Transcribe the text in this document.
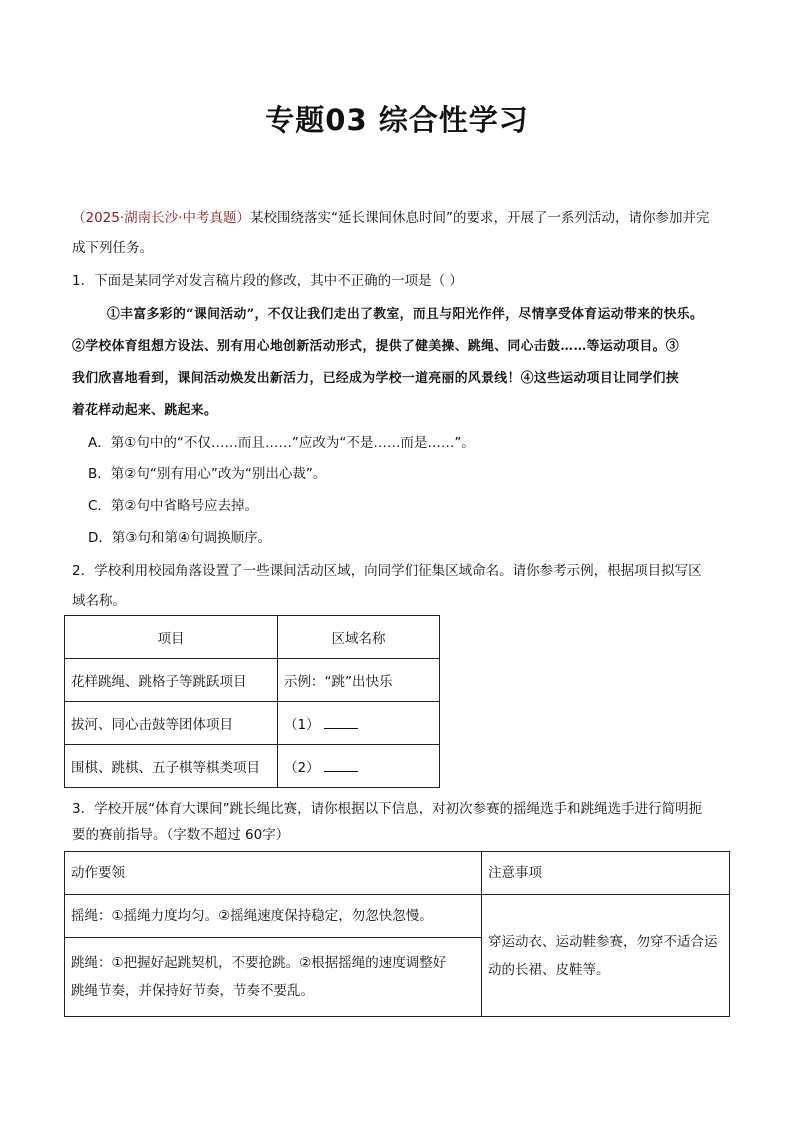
专题03 综合性学习
（2025·湖南长沙·中考真题）某校围绕落实“延长课间休息时间”的要求，开展了一系列活动，请你参加并完
成下列任务。
1．下面是某同学对发言稿片段的修改，其中不正确的一项是（ ）
①丰富多彩的“课间活动”，不仅让我们走出了教室，而且与阳光作伴，尽情享受体育运动带来的快乐。
②学校体育组想方设法、别有用心地创新活动形式，提供了健美操、跳绳、同心击鼓……等运动项目。③
我们欣喜地看到，课间活动焕发出新活力，已经成为学校一道亮丽的风景线！④这些运动项目让同学们挟
着花样动起来、跳起来。
A．第①句中的“不仅……而且……”应改为“不是……而是……”。
B．第②句“别有用心”改为“别出心裁”。
C．第②句中省略号应去掉。
D．第③句和第④句调换顺序。
2．学校利用校园角落设置了一些课间活动区域，向同学们征集区域命名。请你参考示例，根据项目拟写区
域名称。
项目	区域名称
花样跳绳、跳格子等跳跃项目	示例：“跳”出快乐
拔河、同心击鼓等团体项目	（1）
围棋、跳棋、五子棋等棋类项目	（2）
3．学校开展“体育大课间”跳长绳比赛，请你根据以下信息，对初次参赛的摇绳选手和跳绳选手进行简明扼
要的赛前指导。（字数不超过 60字）
动作要领	注意事项
摇绳：①摇绳力度均匀。②摇绳速度保持稳定，勿忽快忽慢。	穿运动衣、运动鞋参赛，勿穿不适合运
动的长裙、皮鞋等。

跳绳：①把握好起跳契机，不要抢跳。②根据摇绳的速度调整好
跳绳节奏，并保持好节奏，节奏不要乱。	
